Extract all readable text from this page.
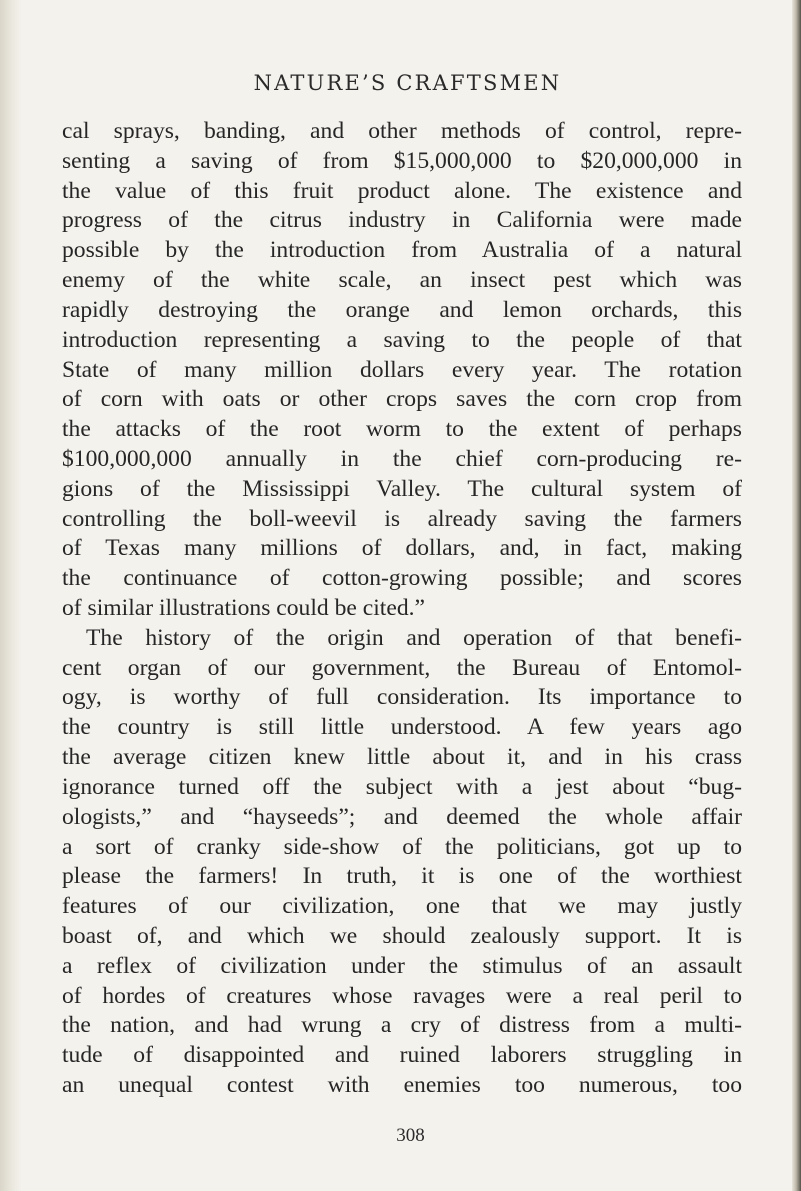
NATURE’S CRAFTSMEN
cal sprays, banding, and other methods of control, repre-
senting a saving of from $15,000,000 to $20,000,000 in
the value of this fruit product alone. The existence and
progress of the citrus industry in California were made
possible by the introduction from Australia of a natural
enemy of the white scale, an insect pest which was
rapidly destroying the orange and lemon orchards, this
introduction representing a saving to the people of that
State of many million dollars every year. The rotation
of corn with oats or other crops saves the corn crop from
the attacks of the root worm to the extent of perhaps
$100,000,000 annually in the chief corn-producing re-
gions of the Mississippi Valley. The cultural system of
controlling the boll-weevil is already saving the farmers
of Texas many millions of dollars, and, in fact, making
the continuance of cotton-growing possible; and scores
of similar illustrations could be cited.”
The history of the origin and operation of that benefi-
cent organ of our government, the Bureau of Entomol-
ogy, is worthy of full consideration. Its importance to
the country is still little understood. A few years ago
the average citizen knew little about it, and in his crass
ignorance turned off the subject with a jest about “bug-
ologists,” and “hayseeds”; and deemed the whole affair
a sort of cranky side-show of the politicians, got up to
please the farmers! In truth, it is one of the worthiest
features of our civilization, one that we may justly
boast of, and which we should zealously support. It is
a reflex of civilization under the stimulus of an assault
of hordes of creatures whose ravages were a real peril to
the nation, and had wrung a cry of distress from a multi-
tude of disappointed and ruined laborers struggling in
an unequal contest with enemies too numerous, too
308
